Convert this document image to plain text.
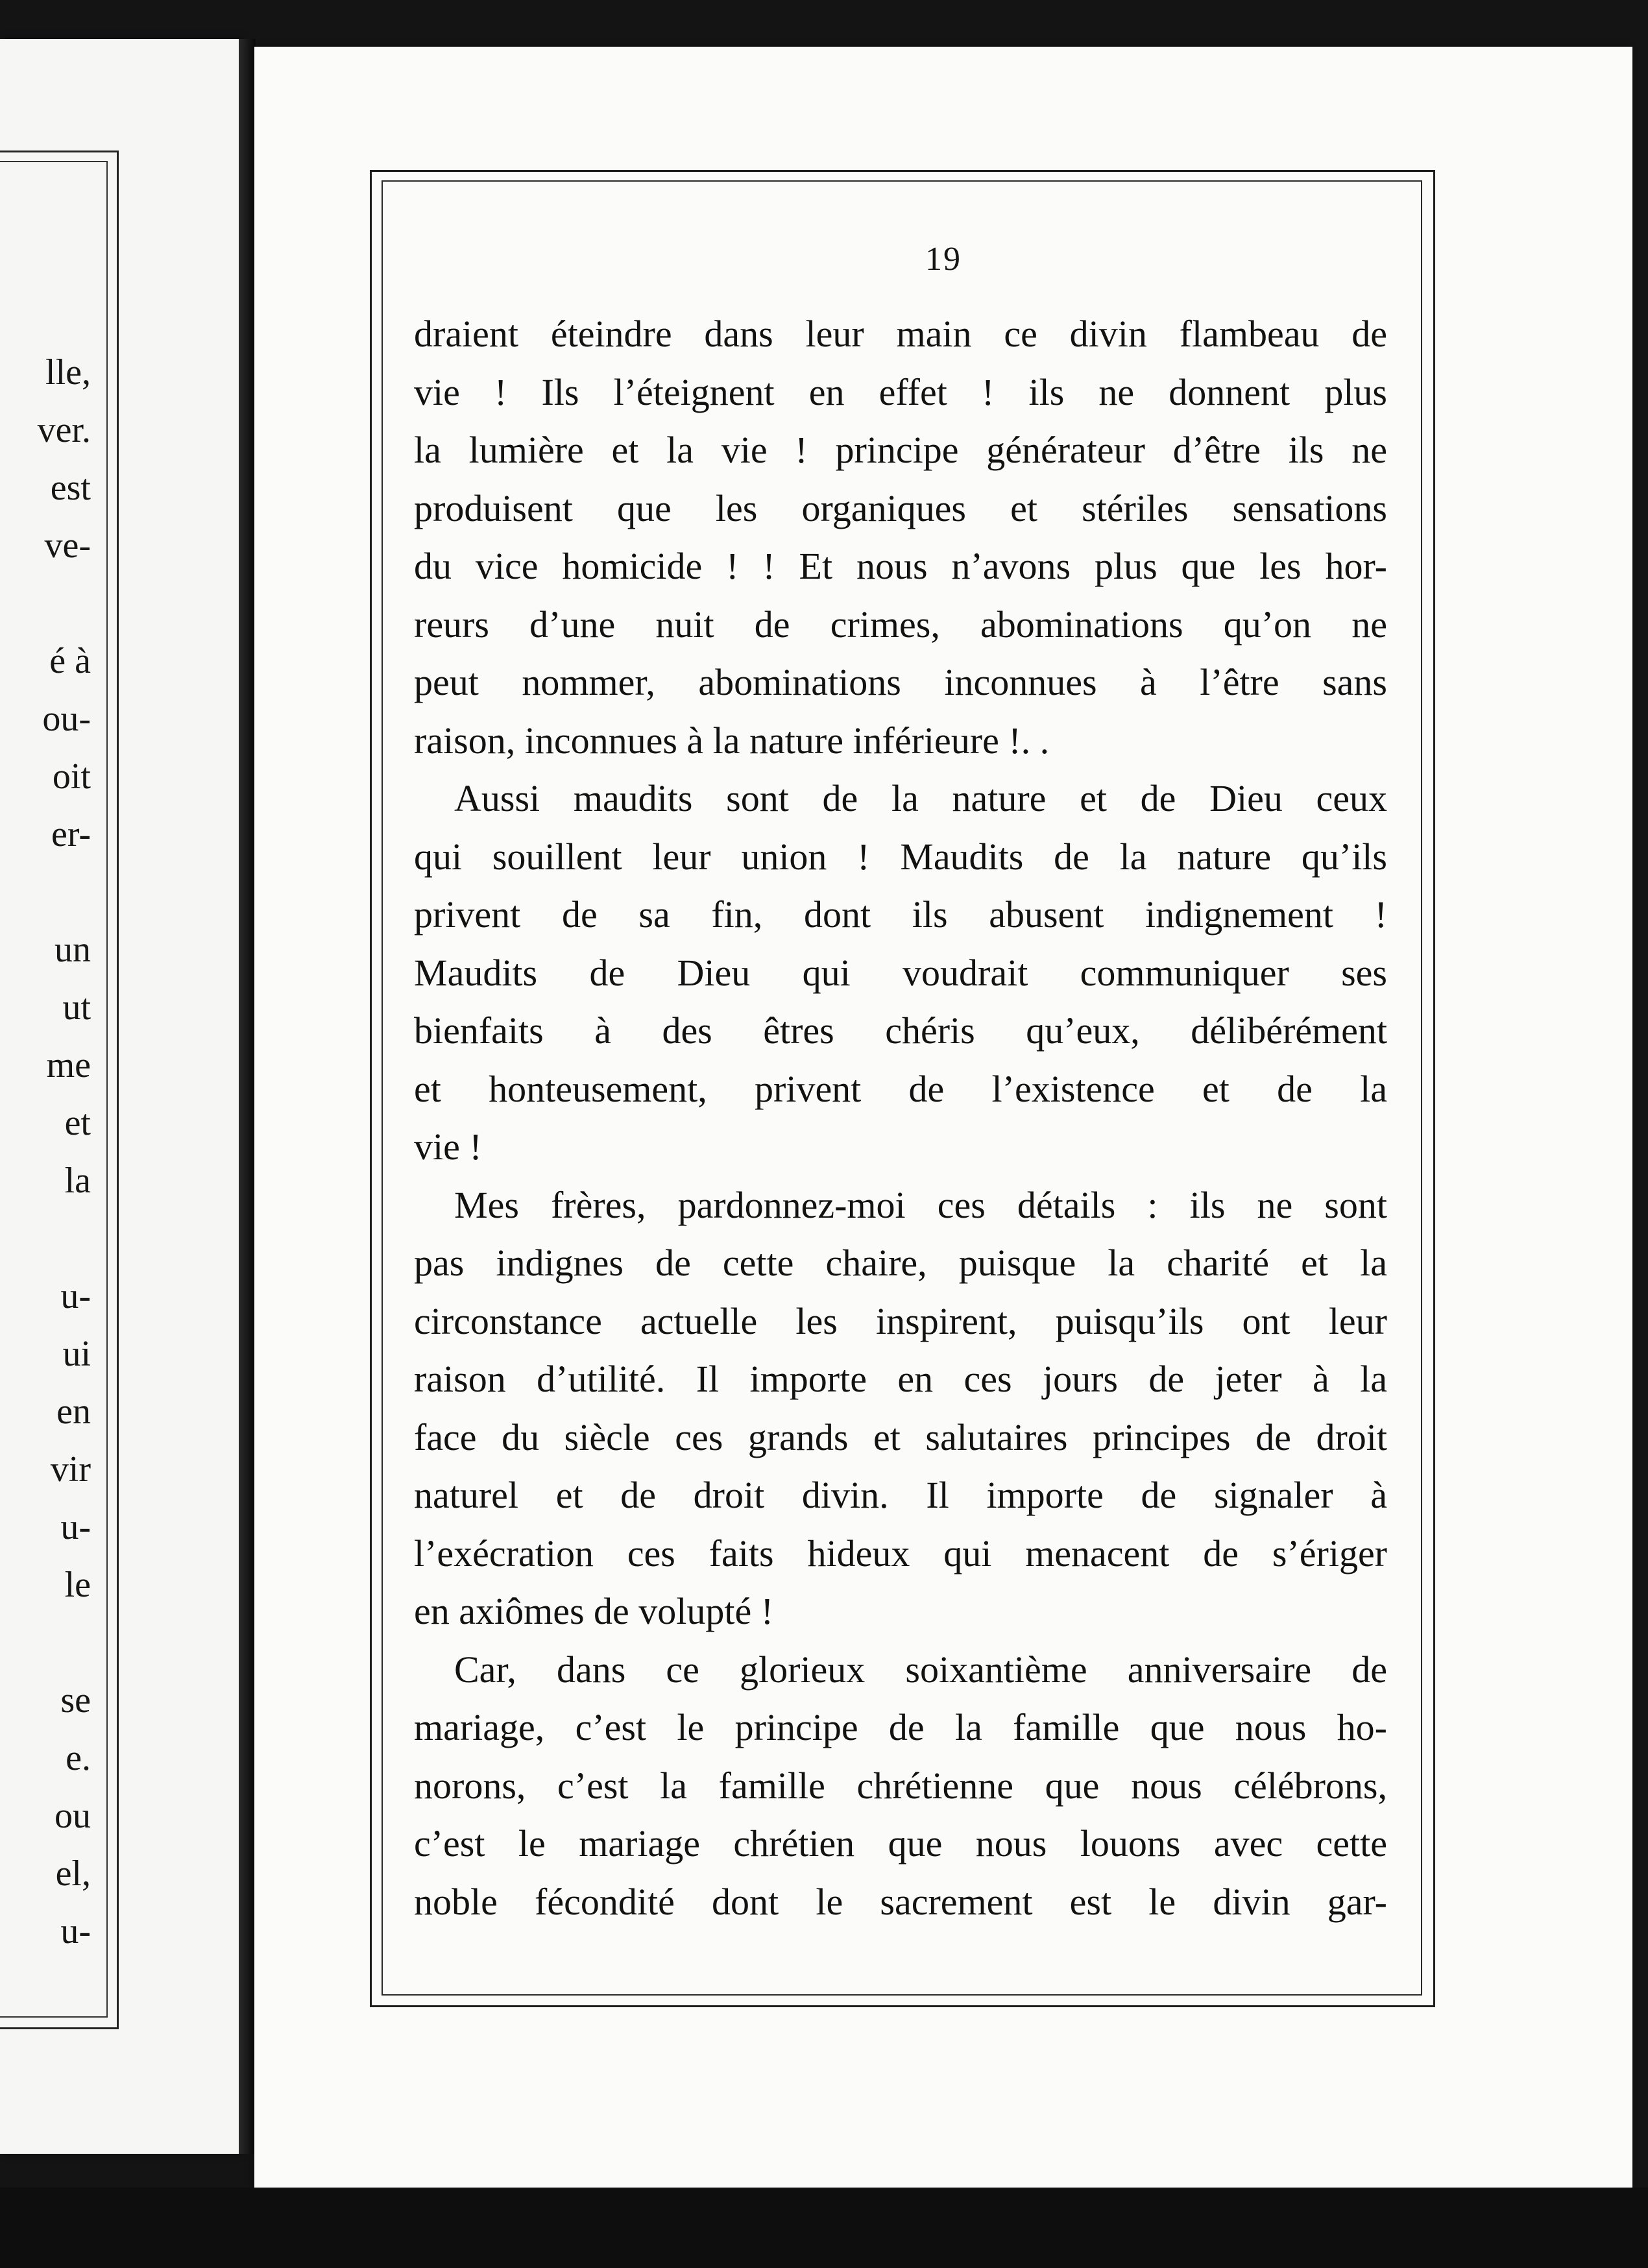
lle,
ver.
est
ve-
é à
ou-
oit
er-
un
ut
me
et
la
u-
ui
en
vir
u-
le
se
e.
ou
el,
u-
19
draient éteindre dans leur main ce divin flambeau de
vie ! Ils l’éteignent en effet ! ils ne donnent plus
la lumière et la vie ! principe générateur d’être ils ne
produisent que les organiques et stériles sensations
du vice homicide ! ! Et nous n’avons plus que les hor-
reurs d’une nuit de crimes, abominations qu’on ne
peut nommer, abominations inconnues à l’être sans
raison, inconnues à la nature inférieure !. .
Aussi maudits sont de la nature et de Dieu ceux
qui souillent leur union ! Maudits de la nature qu’ils
privent de sa fin, dont ils abusent indignement !
Maudits de Dieu qui voudrait communiquer ses
bienfaits à des êtres chéris qu’eux, délibérément
et honteusement, privent de l’existence et de la
vie !
Mes frères, pardonnez-moi ces détails : ils ne sont
pas indignes de cette chaire, puisque la charité et la
circonstance actuelle les inspirent, puisqu’ils ont leur
raison d’utilité. Il importe en ces jours de jeter à la
face du siècle ces grands et salutaires principes de droit
naturel et de droit divin. Il importe de signaler à
l’exécration ces faits hideux qui menacent de s’ériger
en axiômes de volupté !
Car, dans ce glorieux soixantième anniversaire de
mariage, c’est le principe de la famille que nous ho-
norons, c’est la famille chrétienne que nous célébrons,
c’est le mariage chrétien que nous louons avec cette
noble fécondité dont le sacrement est le divin gar-
